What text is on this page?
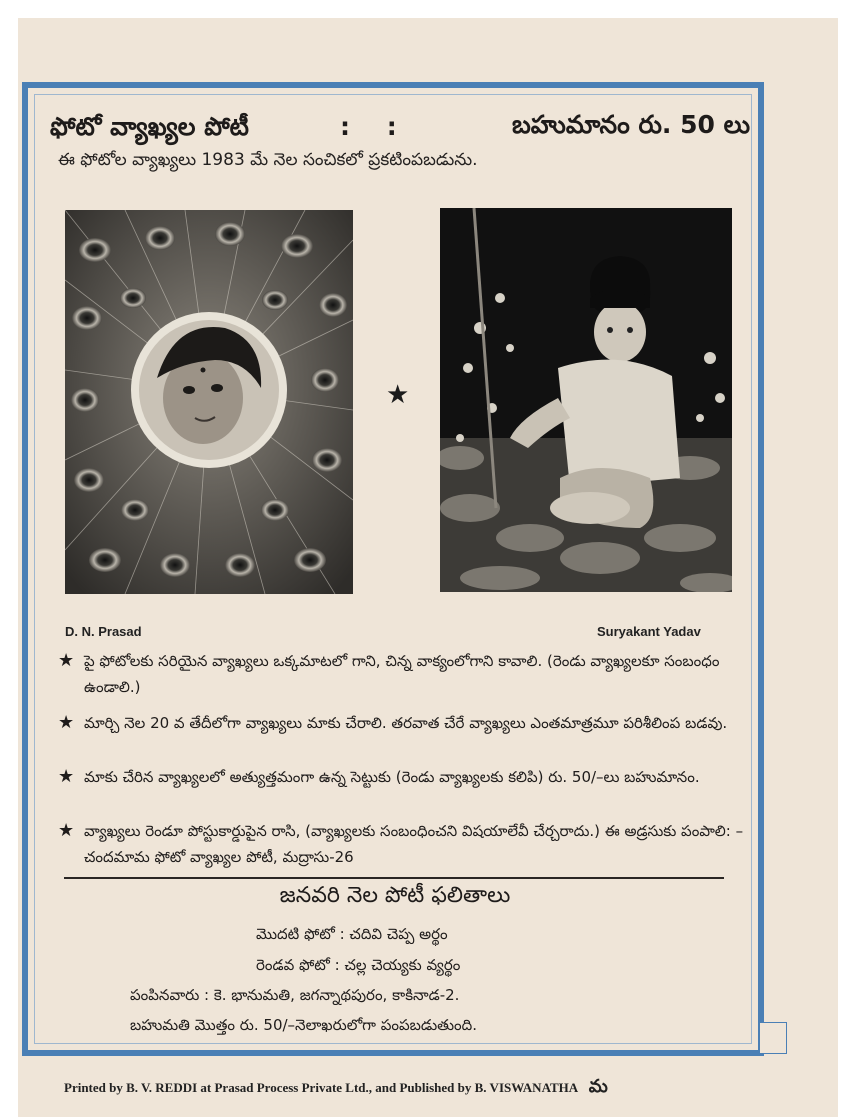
ఫోటో వ్యాఖ్యల పోటీ	: :	బహుమానం రు. 50 లు
ఈ ఫోటోల వ్యాఖ్యలు 1983 మే నెల సంచికలో ప్రకటింపబడును.
★
D. N. Prasad	Suryakant Yadav
★ పై ఫోటోలకు సరియైన వ్యాఖ్యలు ఒక్కమాటలో గాని, చిన్న వాక్యంలోగాని కావాలి. (రెండు వ్యాఖ్యలకూ సంబంధం ఉండాలి.)
★ మార్చి నెల 20 వ తేదీలోగా వ్యాఖ్యలు మాకు చేరాలి. తరవాత చేరే వ్యాఖ్యలు ఎంతమాత్రమూ పరిశీలింప బడవు.
★ మాకు చేరిన వ్యాఖ్యలలో అత్యుత్తమంగా ఉన్న సెట్టుకు (రెండు వ్యాఖ్యలకు కలిపి) రు. 50/–లు బహుమానం.
★ వ్యాఖ్యలు రెండూ పోస్టుకార్డుపైన రాసి, (వ్యాఖ్యలకు సంబంధించని విషయాలేవీ చేర్చరాదు.) ఈ అడ్రసుకు పంపాలి: – చందమామ ఫోటో వ్యాఖ్యల పోటీ, మద్రాసు-26
జనవరి నెల పోటీ ఫలితాలు
మొదటి ఫోటో : చదివి చెప్ప అర్థం
రెండవ ఫోటో : చల్ల చెయ్యకు వ్యర్థం
పంపినవారు : కె. భానుమతి, జగన్నాథపురం, కాకినాడ-2.
బహుమతి మొత్తం రు. 50/–నెలాఖరులోగా పంపబడుతుంది.
Printed by B. V. REDDI at Prasad Process Private Ltd., and Published by B. VISWANATHA మ
